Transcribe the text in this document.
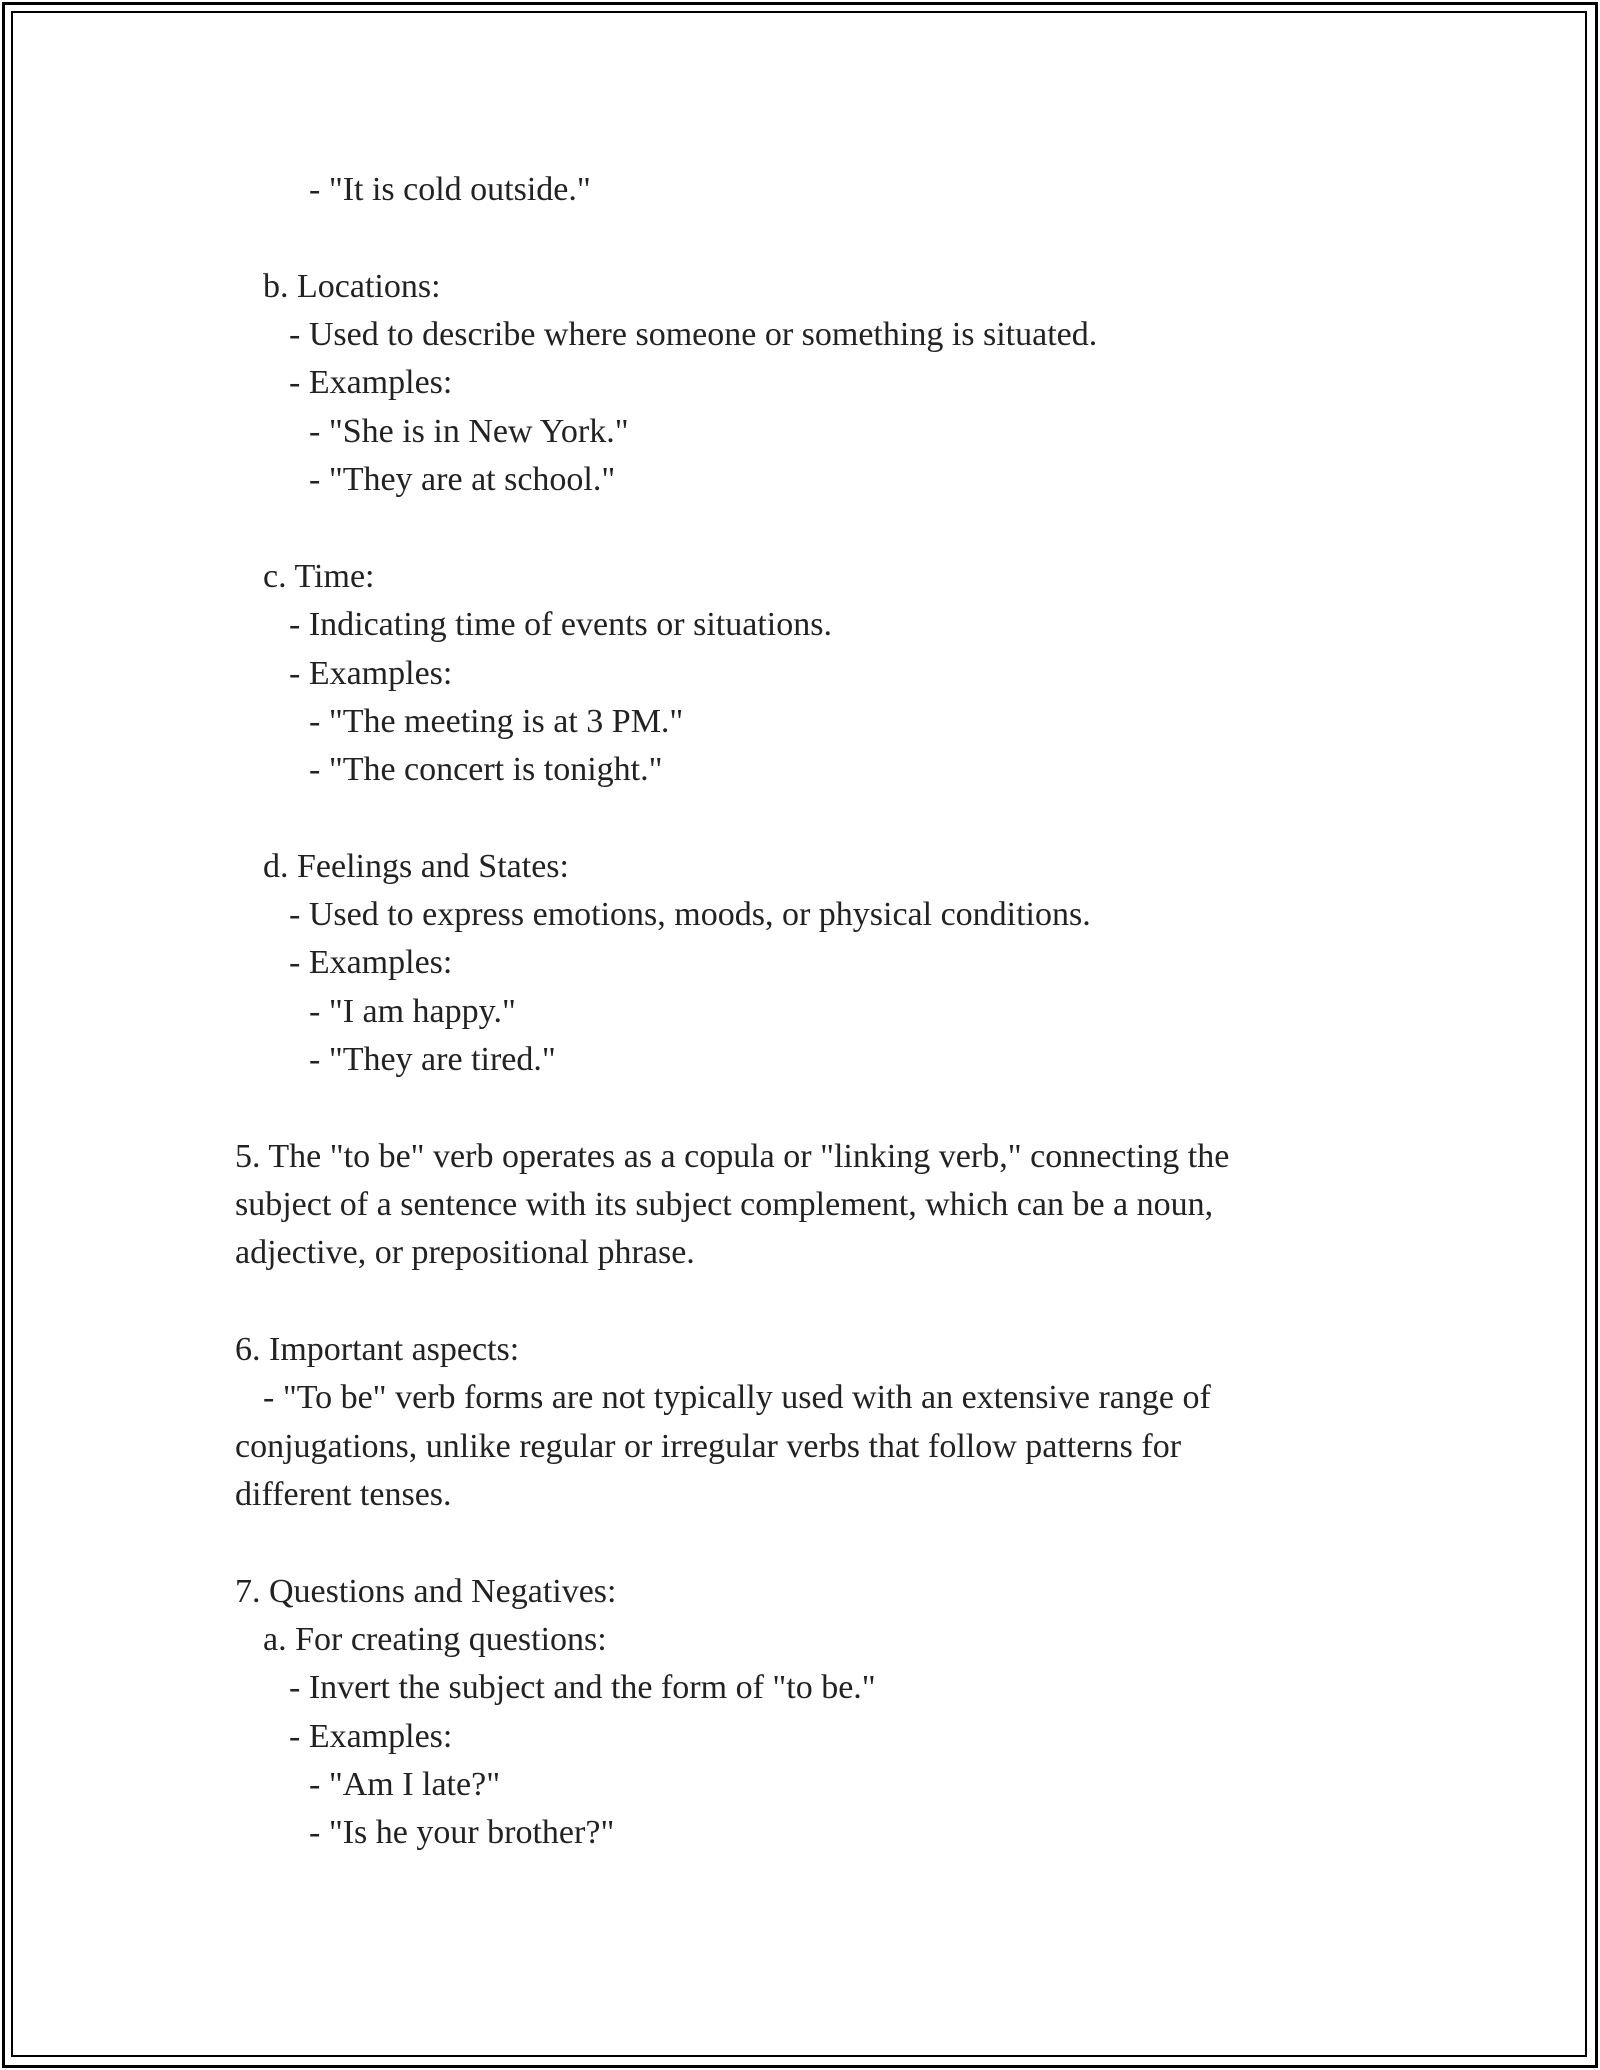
- "It is cold outside."
b. Locations:
- Used to describe where someone or something is situated.
- Examples:
- "She is in New York."
- "They are at school."
c. Time:
- Indicating time of events or situations.
- Examples:
- "The meeting is at 3 PM."
- "The concert is tonight."
d. Feelings and States:
- Used to express emotions, moods, or physical conditions.
- Examples:
- "I am happy."
- "They are tired."
5. The "to be" verb operates as a copula or "linking verb," connecting the
subject of a sentence with its subject complement, which can be a noun,
adjective, or prepositional phrase.
6. Important aspects:
- "To be" verb forms are not typically used with an extensive range of
conjugations, unlike regular or irregular verbs that follow patterns for
different tenses.
7. Questions and Negatives:
a. For creating questions:
- Invert the subject and the form of "to be."
- Examples:
- "Am I late?"
- "Is he your brother?"
